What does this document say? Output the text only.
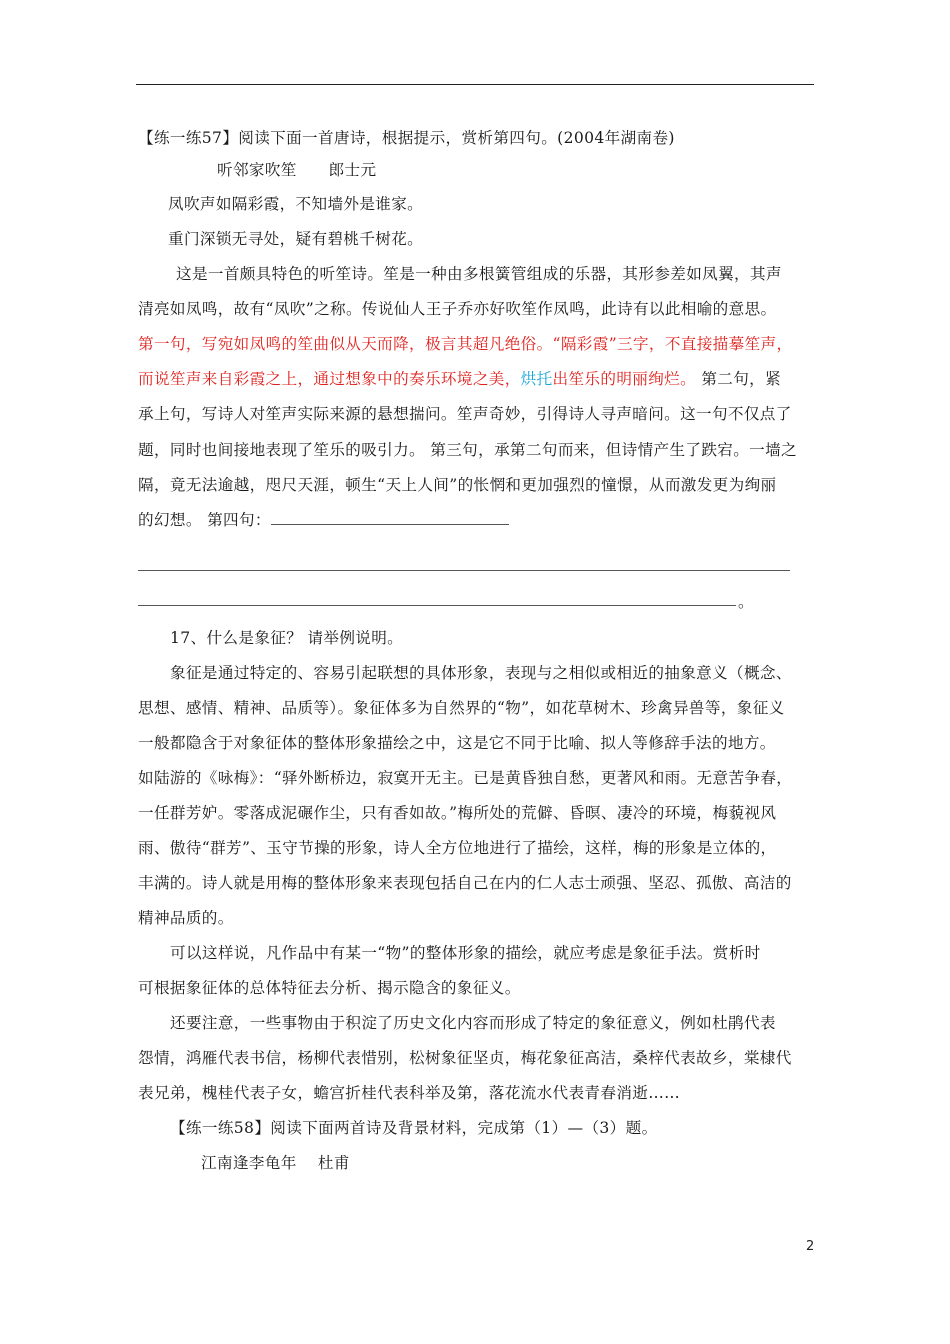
【练一练57】阅读下面一首唐诗，根据提示，赏析第四句。(2004年湖南卷)
听邻家吹笙　　郎士元
凤吹声如隔彩霞，不知墙外是谁家。
重门深锁无寻处，疑有碧桃千树花。
这是一首颇具特色的听笙诗。笙是一种由多根簧管组成的乐器，其形参差如凤翼，其声
清亮如凤鸣，故有“凤吹”之称。传说仙人王子乔亦好吹笙作凤鸣，此诗有以此相喻的意思。
第一句，写宛如凤鸣的笙曲似从天而降，极言其超凡绝俗。“隔彩霞”三字，不直接描摹笙声，
而说笙声来自彩霞之上，通过想象中的奏乐环境之美，烘托出笙乐的明丽绚烂。 第二句，紧
承上句，写诗人对笙声实际来源的悬想揣问。笙声奇妙，引得诗人寻声暗问。这一句不仅点了
题，同时也间接地表现了笙乐的吸引力。 第三句，承第二句而来，但诗情产生了跌宕。一墙之
隔，竟无法逾越，咫尺天涯，顿生“天上人间”的怅惘和更加强烈的憧憬，从而激发更为绚丽
的幻想。 第四句：
。
17、什么是象征？ 请举例说明。
象征是通过特定的、容易引起联想的具体形象，表现与之相似或相近的抽象意义（概念、
思想、感情、精神、品质等）。象征体多为自然界的“物”，如花草树木、珍禽异兽等，象征义
一般都隐含于对象征体的整体形象描绘之中，这是它不同于比喻、拟人等修辞手法的地方。
如陆游的《咏梅》：“驿外断桥边，寂寞开无主。已是黄昏独自愁，更著风和雨。无意苦争春，
一任群芳妒。零落成泥碾作尘，只有香如故。”梅所处的荒僻、昏暝、凄冷的环境，梅藐视风
雨、傲待“群芳”、玉守节操的形象，诗人全方位地进行了描绘，这样，梅的形象是立体的，
丰满的。诗人就是用梅的整体形象来表现包括自己在内的仁人志士顽强、坚忍、孤傲、高洁的
精神品质的。
可以这样说，凡作品中有某一“物”的整体形象的描绘，就应考虑是象征手法。赏析时
可根据象征体的总体特征去分析、揭示隐含的象征义。
还要注意，一些事物由于积淀了历史文化内容而形成了特定的象征意义，例如杜鹃代表
怨情，鸿雁代表书信，杨柳代表惜别，松树象征坚贞，梅花象征高洁，桑梓代表故乡，棠棣代
表兄弟，槐桂代表子女，蟾宫折桂代表科举及第，落花流水代表青春消逝……
【练一练58】阅读下面两首诗及背景材料，完成第（1）—（3）题。
江南逢李龟年　 杜甫
2
